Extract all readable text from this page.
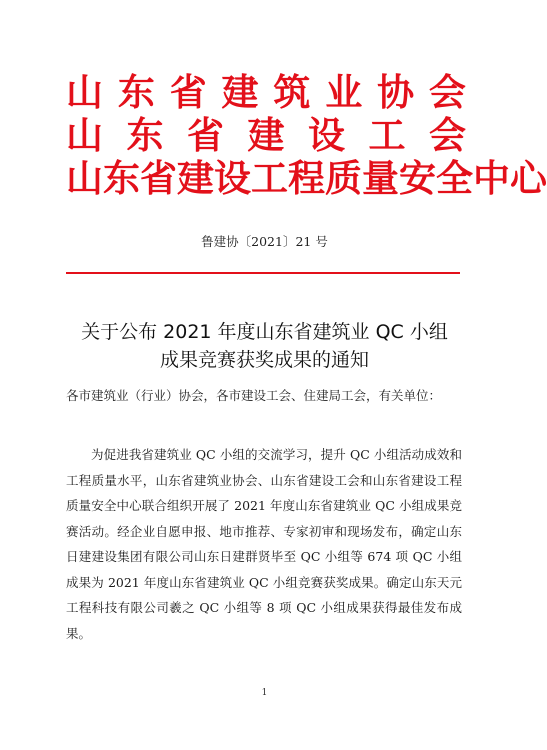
山 东 省 建 筑 业 协 会
山 东 省 建 设 工 会
山 东 省 建 设 工 程 质 量 安 全 中 心
鲁建协〔2021〕21 号
关于公布 2021 年度山东省建筑业 QC 小组
成果竞赛获奖成果的通知
各市建筑业（行业）协会，各市建设工会、住建局工会，有关单位：
为促进我省建筑业 QC 小组的交流学习，提升 QC 小组活动成效和工程质量水平，山东省建筑业协会、山东省建设工会和山东省建设工程质量安全中心联合组织开展了 2021 年度山东省建筑业 QC 小组成果竞赛活动。经企业自愿申报、地市推荐、专家初审和现场发布，确定山东日建建设集团有限公司山东日建群贤毕至 QC 小组等 674 项 QC 小组成果为 2021 年度山东省建筑业 QC 小组竞赛获奖成果。确定山东天元工程科技有限公司羲之 QC 小组等 8 项 QC 小组成果获得最佳发布成果。
1
